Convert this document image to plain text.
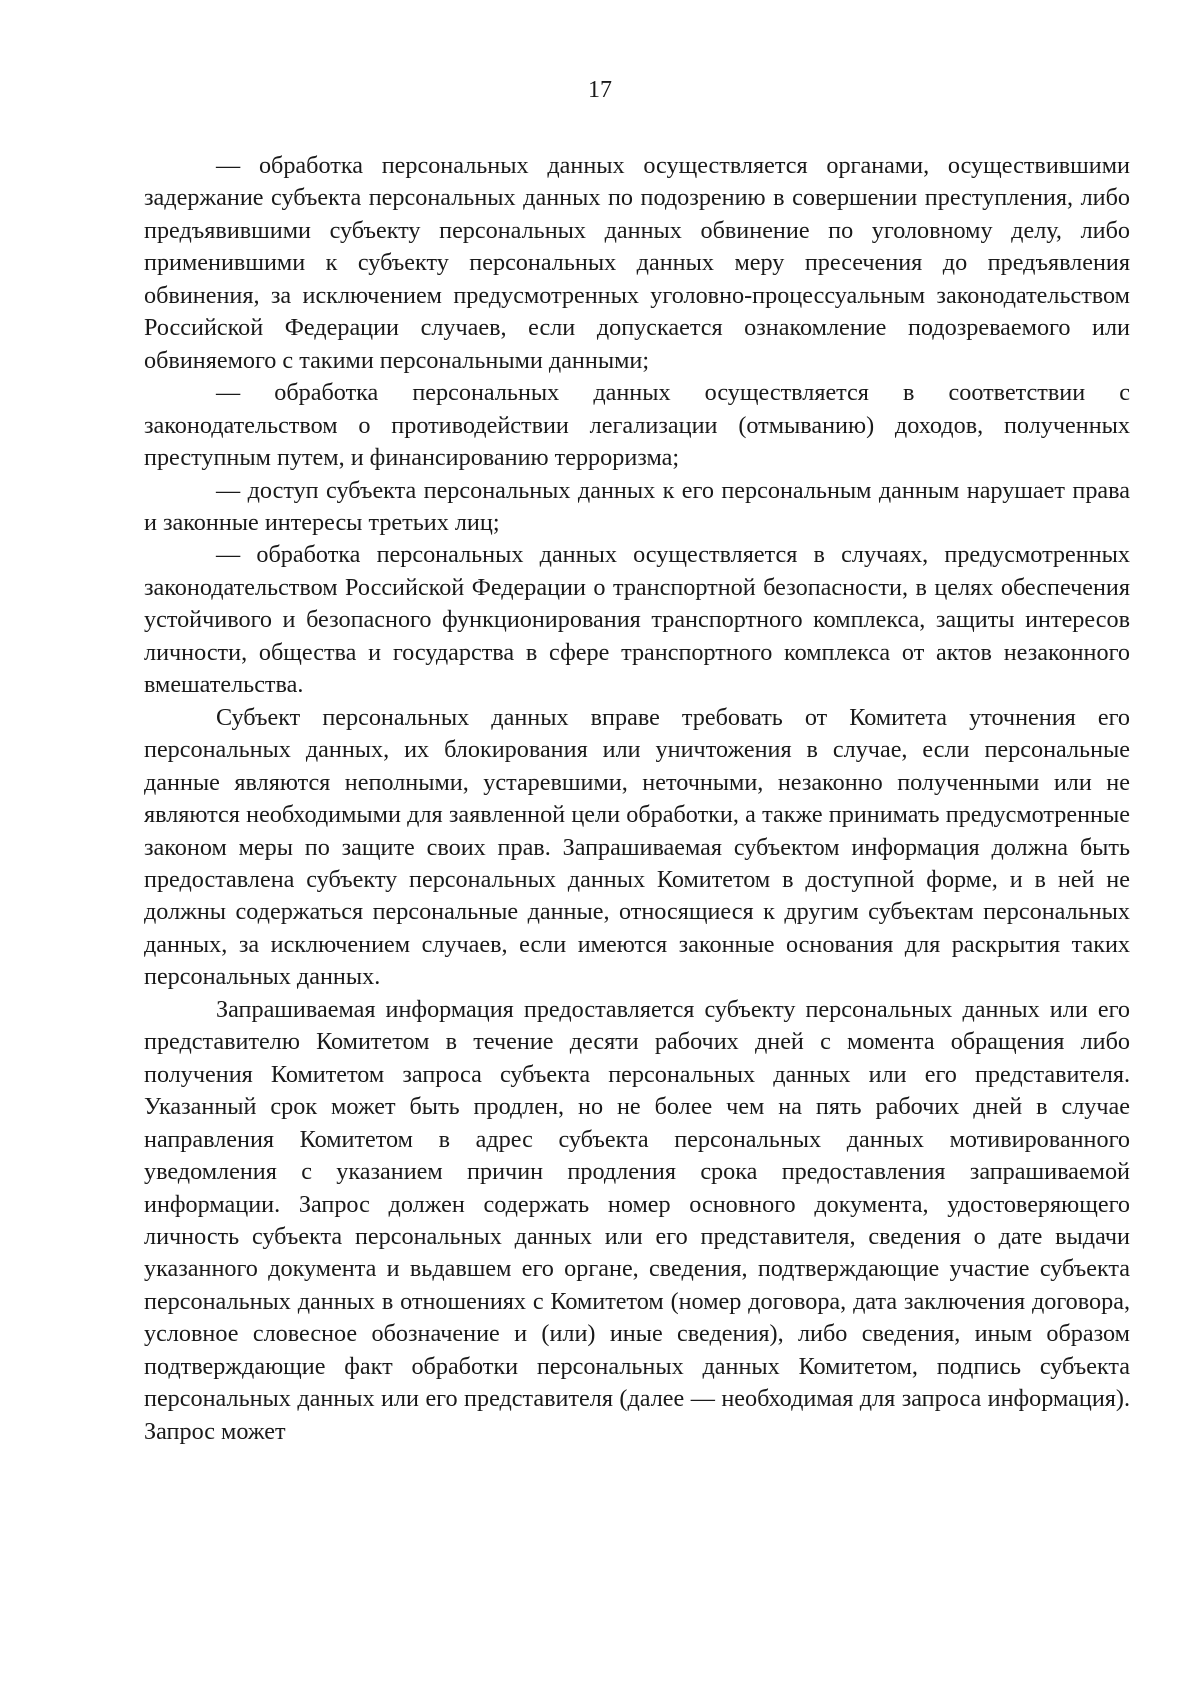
17

— обработка персональных данных осуществляется органами, осуществившими задержание субъекта персональных данных по подозрению в совершении преступления, либо предъявившими субъекту персональных данных обвинение по уголовному делу, либо применившими к субъекту персональных данных меру пресечения до предъявления обвинения, за исключением предусмотренных уголовно-процессуальным законодательством Российской Федерации случаев, если допускается ознакомление подозреваемого или обвиняемого с такими персональными данными;

— обработка персональных данных осуществляется в соответствии с законодательством о противодействии легализации (отмыванию) доходов, полученных преступным путем, и финансированию терроризма;

— доступ субъекта персональных данных к его персональным данным нарушает права и законные интересы третьих лиц;

— обработка персональных данных осуществляется в случаях, предусмотренных законодательством Российской Федерации о транспортной безопасности, в целях обеспечения устойчивого и безопасного функционирования транспортного комплекса, защиты интересов личности, общества и государства в сфере транспортного комплекса от актов незаконного вмешательства.

Субъект персональных данных вправе требовать от Комитета уточнения его персональных данных, их блокирования или уничтожения в случае, если персональные данные являются неполными, устаревшими, неточными, незаконно полученными или не являются необходимыми для заявленной цели обработки, а также принимать предусмотренные законом меры по защите своих прав. Запрашиваемая субъектом информация должна быть предоставлена субъекту персональных данных Комитетом в доступной форме, и в ней не должны содержаться персональные данные, относящиеся к другим субъектам персональных данных, за исключением случаев, если имеются законные основания для раскрытия таких персональных данных.

Запрашиваемая информация предоставляется субъекту персональных данных или его представителю Комитетом в течение десяти рабочих дней с момента обращения либо получения Комитетом запроса субъекта персональных данных или его представителя. Указанный срок может быть продлен, но не более чем на пять рабочих дней в случае направления Комитетом в адрес субъекта персональных данных мотивированного уведомления с указанием причин продления срока предоставления запрашиваемой информации. Запрос должен содержать номер основного документа, удостоверяющего личность субъекта персональных данных или его представителя, сведения о дате выдачи указанного документа и вьдавшем его органе, сведения, подтверждающие участие субъекта персональных данных в отношениях с Комитетом (номер договора, дата заключения договора, условное словесное обозначение и (или) иные сведения), либо сведения, иным образом подтверждающие факт обработки персональных данных Комитетом, подпись субъекта персональных данных или его представителя (далее — необходимая для запроса информация). Запрос может
